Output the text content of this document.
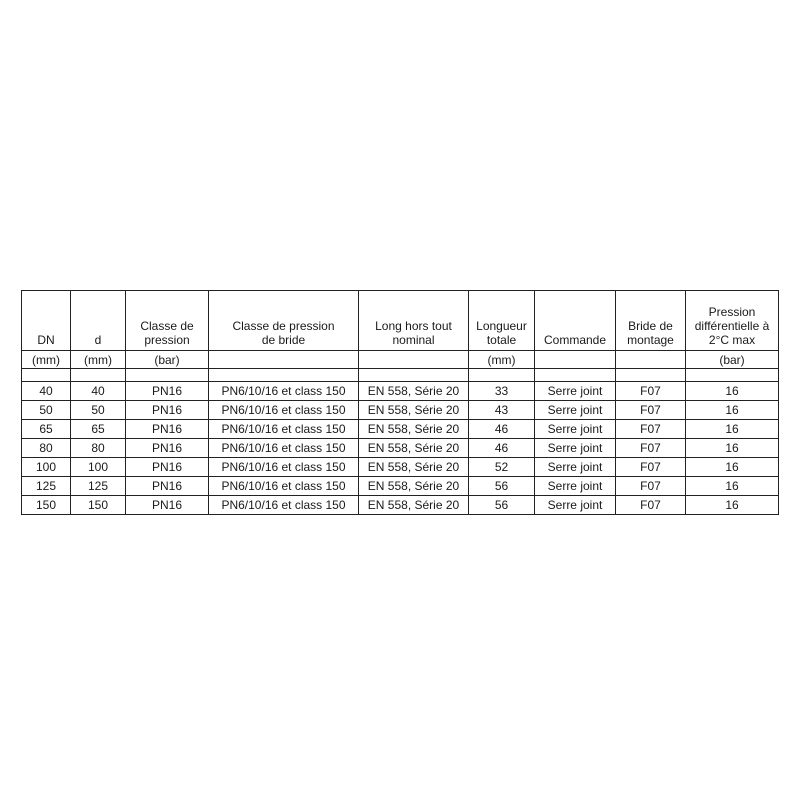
DN	d	Classe de pression	Classe de pression de bride	Long hors tout nominal	Longueur totale	Commande	Bride de montage	Pression différentielle à 2°C max
(mm)	(mm)	(bar)			(mm)			(bar)

40	40	PN16	PN6/10/16 et class 150	EN 558, Série 20	33	Serre joint	F07	16
50	50	PN16	PN6/10/16 et class 150	EN 558, Série 20	43	Serre joint	F07	16
65	65	PN16	PN6/10/16 et class 150	EN 558, Série 20	46	Serre joint	F07	16
80	80	PN16	PN6/10/16 et class 150	EN 558, Série 20	46	Serre joint	F07	16
100	100	PN16	PN6/10/16 et class 150	EN 558, Série 20	52	Serre joint	F07	16
125	125	PN16	PN6/10/16 et class 150	EN 558, Série 20	56	Serre joint	F07	16
150	150	PN16	PN6/10/16 et class 150	EN 558, Série 20	56	Serre joint	F07	16
